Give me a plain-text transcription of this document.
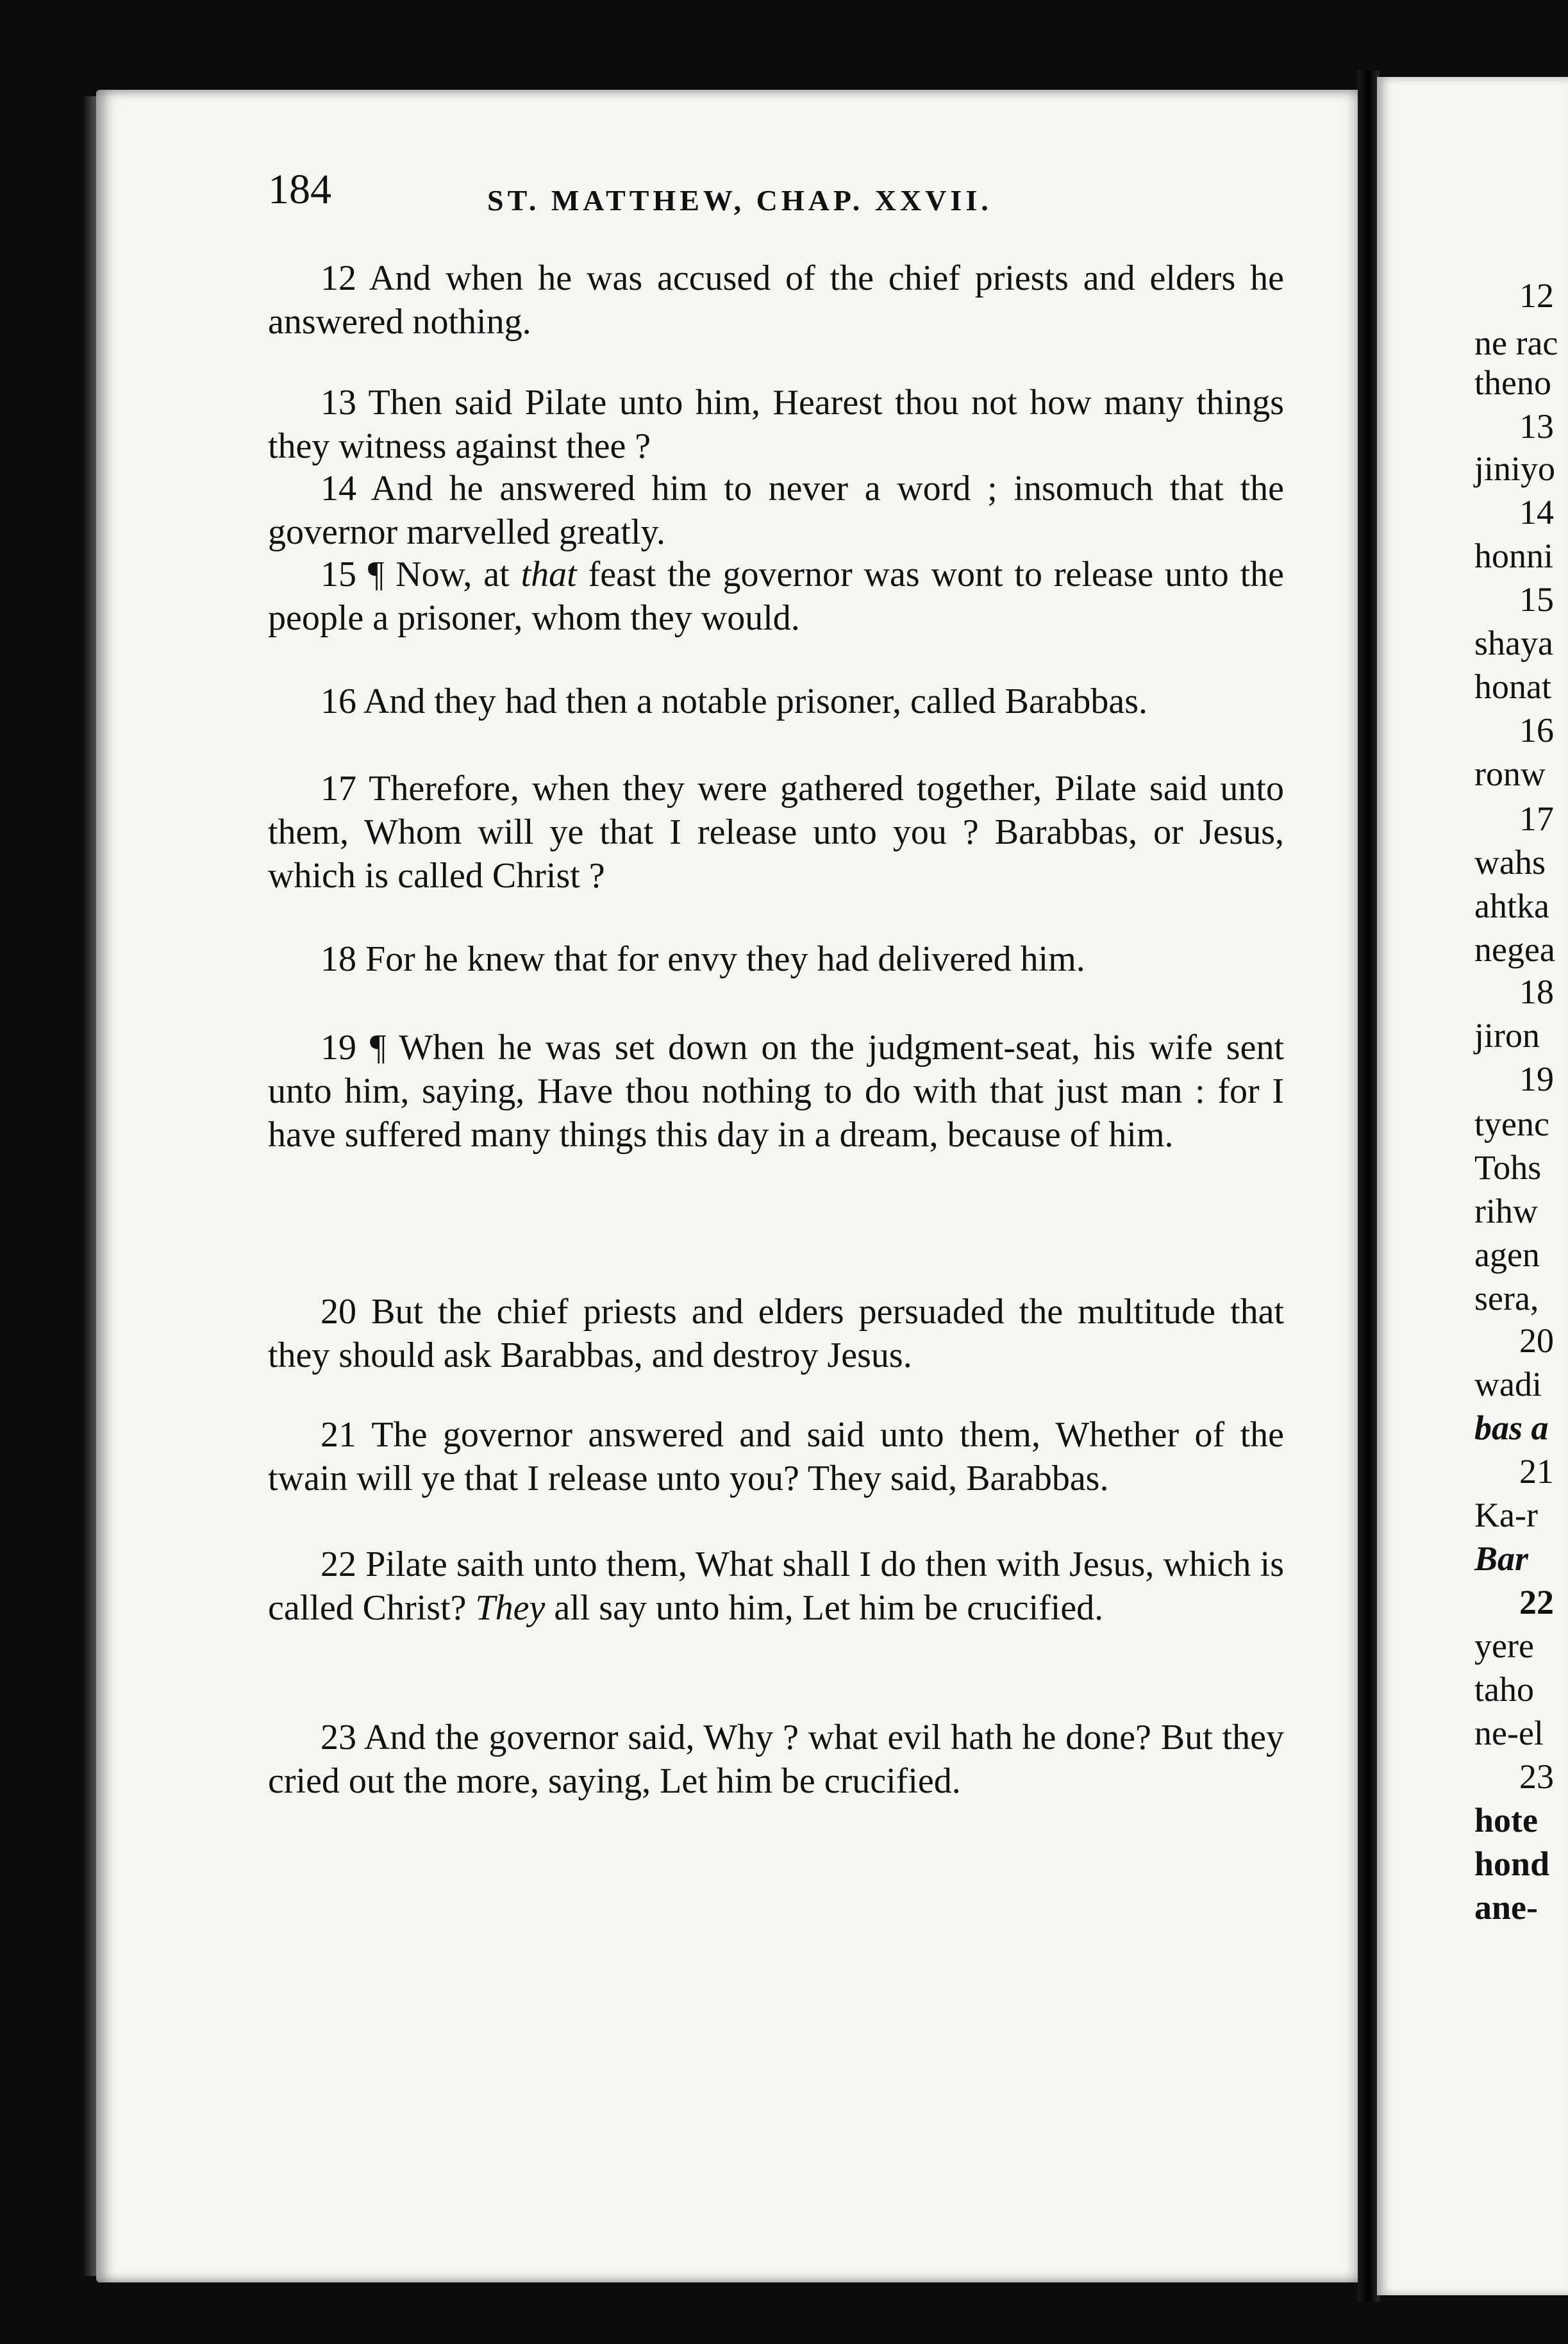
184	ST. MATTHEW, CHAP. XXVII.

12 And when he was accused of the chief priests and elders he answered nothing.

13 Then said Pilate unto him, Hearest thou not how many things they witness against thee ?

14 And he answered him to never a word ; insomuch that the governor marvelled greatly.

15 ¶ Now, at that feast the governor was wont to release unto the people a prisoner, whom they would.

16 And they had then a notable prisoner, called Barabbas.

17 Therefore, when they were gathered together, Pilate said unto them, Whom will ye that I release unto you ? Barabbas, or Jesus, which is called Christ ?

18 For he knew that for envy they had delivered him.

19 ¶ When he was set down on the judgment-seat, his wife sent unto him, saying, Have thou nothing to do with that just man : for I have suffered many things this day in a dream, because of him.

20 But the chief priests and elders persuaded the multitude that they should ask Barabbas, and destroy Jesus.

21 The governor answered and said unto them, Whether of the twain will ye that I release unto you? They said, Barabbas.

22 Pilate saith unto them, What shall I do then with Jesus, which is called Christ? They all say unto him, Let him be crucified.

23 And the governor said, Why ? what evil hath he done? But they cried out the more, saying, Let him be crucified.

12
ne rac
theno
13
jiniyo
14
honni
15
shaya
honat
16
ronw
17
wahs
ahtka
negea
18
jiron
19
tyenc
Tohs
rihw
agen
sera,
20
wadi
bas a
21
Ka-r
Bar
22
yere
taho
ne-el
23
hote
hond
ane-
